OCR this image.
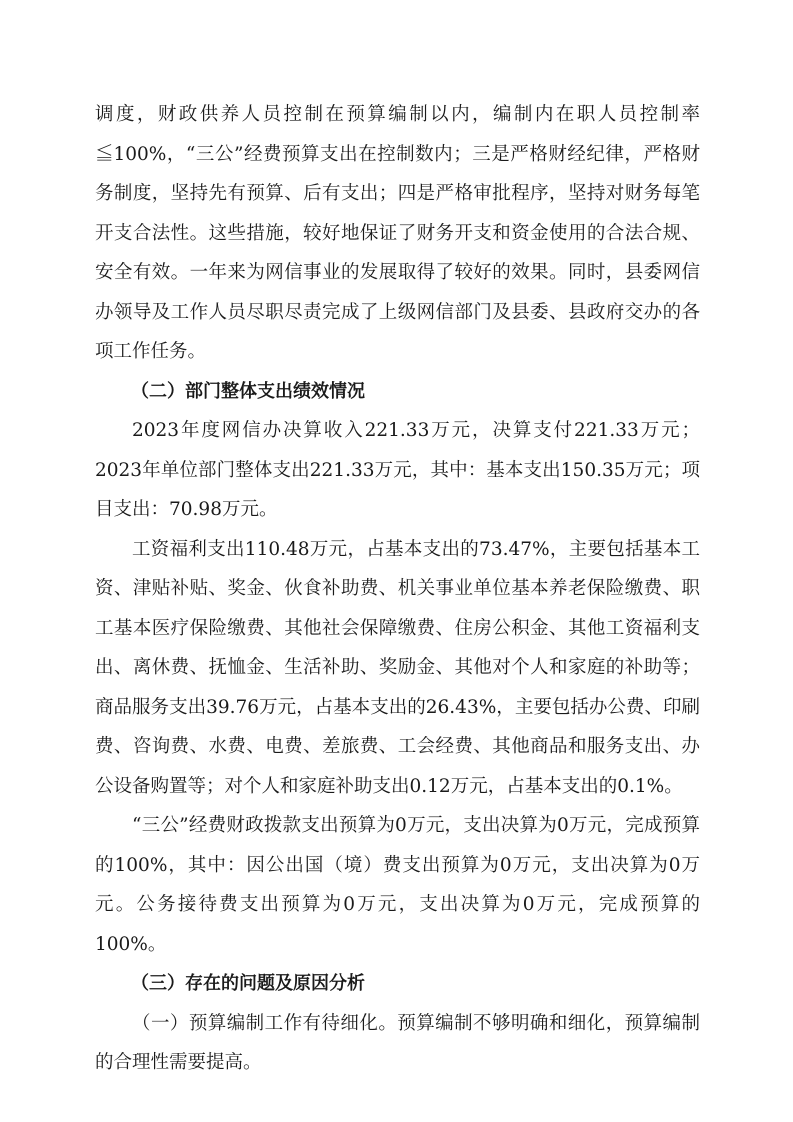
调度，财政供养人员控制在预算编制以内，编制内在职人员控制率≦100%，“三公”经费预算支出在控制数内；三是严格财经纪律，严格财务制度，坚持先有预算、后有支出；四是严格审批程序，坚持对财务每笔开支合法性。这些措施，较好地保证了财务开支和资金使用的合法合规、安全有效。一年来为网信事业的发展取得了较好的效果。同时，县委网信办领导及工作人员尽职尽责完成了上级网信部门及县委、县政府交办的各项工作任务。

（二）部门整体支出绩效情况

2023年度网信办决算收入221.33万元，决算支付221.33万元；2023年单位部门整体支出221.33万元，其中：基本支出150.35万元；项目支出：70.98万元。

工资福利支出110.48万元，占基本支出的73.47%，主要包括基本工资、津贴补贴、奖金、伙食补助费、机关事业单位基本养老保险缴费、职工基本医疗保险缴费、其他社会保障缴费、住房公积金、其他工资福利支出、离休费、抚恤金、生活补助、奖励金、其他对个人和家庭的补助等；商品服务支出39.76万元，占基本支出的26.43%，主要包括办公费、印刷费、咨询费、水费、电费、差旅费、工会经费、其他商品和服务支出、办公设备购置等；对个人和家庭补助支出0.12万元，占基本支出的0.1%。

“三公”经费财政拨款支出预算为0万元，支出决算为0万元，完成预算的100%，其中：因公出国（境）费支出预算为0万元，支出决算为0万元。公务接待费支出预算为0万元，支出决算为0万元，完成预算的100%。

（三）存在的问题及原因分析

（一）预算编制工作有待细化。预算编制不够明确和细化，预算编制的合理性需要提高。
